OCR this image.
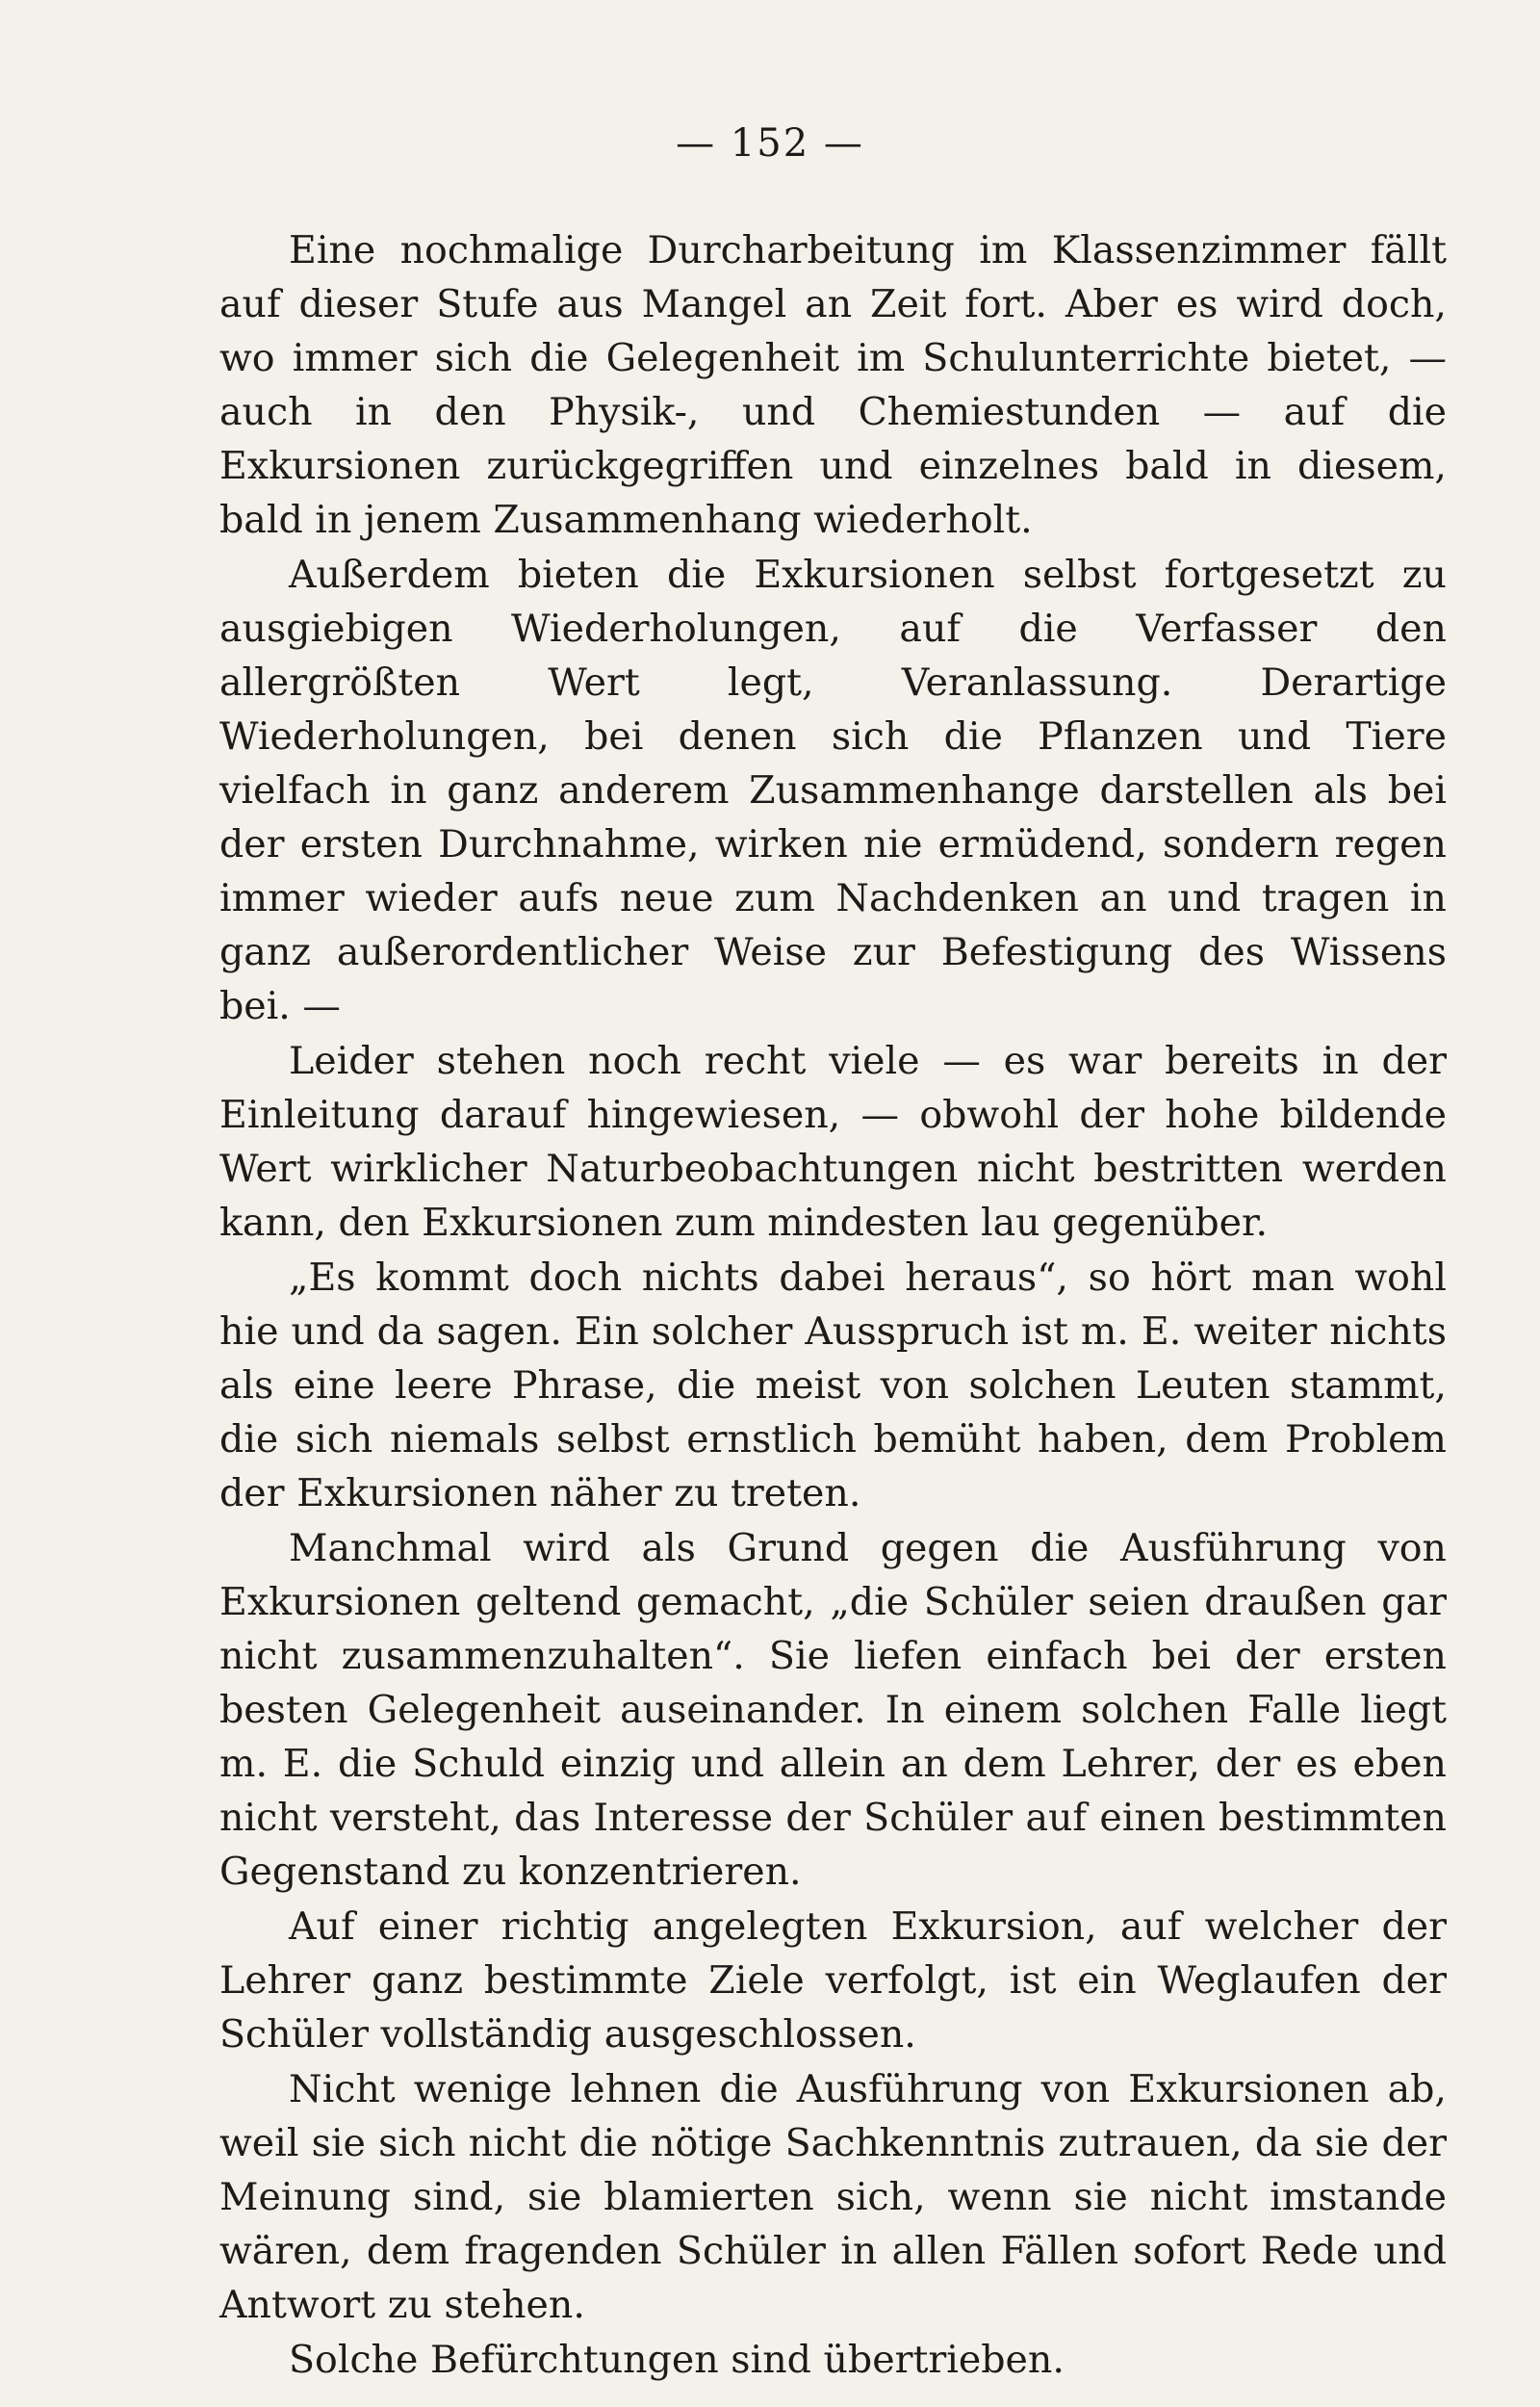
— 152 —

Eine nochmalige Durcharbeitung im Klassenzimmer fällt auf dieser Stufe aus Mangel an Zeit fort. Aber es wird doch, wo immer sich die Gelegenheit im Schulunterrichte bietet, — auch in den Physik-, und Chemiestunden — auf die Exkursionen zurückgegriffen und einzelnes bald in diesem, bald in jenem Zusammenhang wiederholt.

Außerdem bieten die Exkursionen selbst fortgesetzt zu ausgiebigen Wiederholungen, auf die Verfasser den allergrößten Wert legt, Veranlassung. Derartige Wiederholungen, bei denen sich die Pflanzen und Tiere vielfach in ganz anderem Zusammenhange darstellen als bei der ersten Durchnahme, wirken nie ermüdend, sondern regen immer wieder aufs neue zum Nachdenken an und tragen in ganz außerordentlicher Weise zur Befestigung des Wissens bei. —

Leider stehen noch recht viele — es war bereits in der Einleitung darauf hingewiesen, — obwohl der hohe bildende Wert wirklicher Naturbeobachtungen nicht bestritten werden kann, den Exkursionen zum mindesten lau gegenüber.

„Es kommt doch nichts dabei heraus“, so hört man wohl hie und da sagen. Ein solcher Ausspruch ist m. E. weiter nichts als eine leere Phrase, die meist von solchen Leuten stammt, die sich niemals selbst ernstlich bemüht haben, dem Problem der Exkursionen näher zu treten.

Manchmal wird als Grund gegen die Ausführung von Exkursionen geltend gemacht, „die Schüler seien draußen gar nicht zusammenzuhalten“. Sie liefen einfach bei der ersten besten Gelegenheit auseinander. In einem solchen Falle liegt m. E. die Schuld einzig und allein an dem Lehrer, der es eben nicht versteht, das Interesse der Schüler auf einen bestimmten Gegenstand zu konzentrieren.

Auf einer richtig angelegten Exkursion, auf welcher der Lehrer ganz bestimmte Ziele verfolgt, ist ein Weglaufen der Schüler vollständig ausgeschlossen.

Nicht wenige lehnen die Ausführung von Exkursionen ab, weil sie sich nicht die nötige Sachkenntnis zutrauen, da sie der Meinung sind, sie blamierten sich, wenn sie nicht imstande wären, dem fragenden Schüler in allen Fällen sofort Rede und Antwort zu stehen.

Solche Befürchtungen sind übertrieben.
